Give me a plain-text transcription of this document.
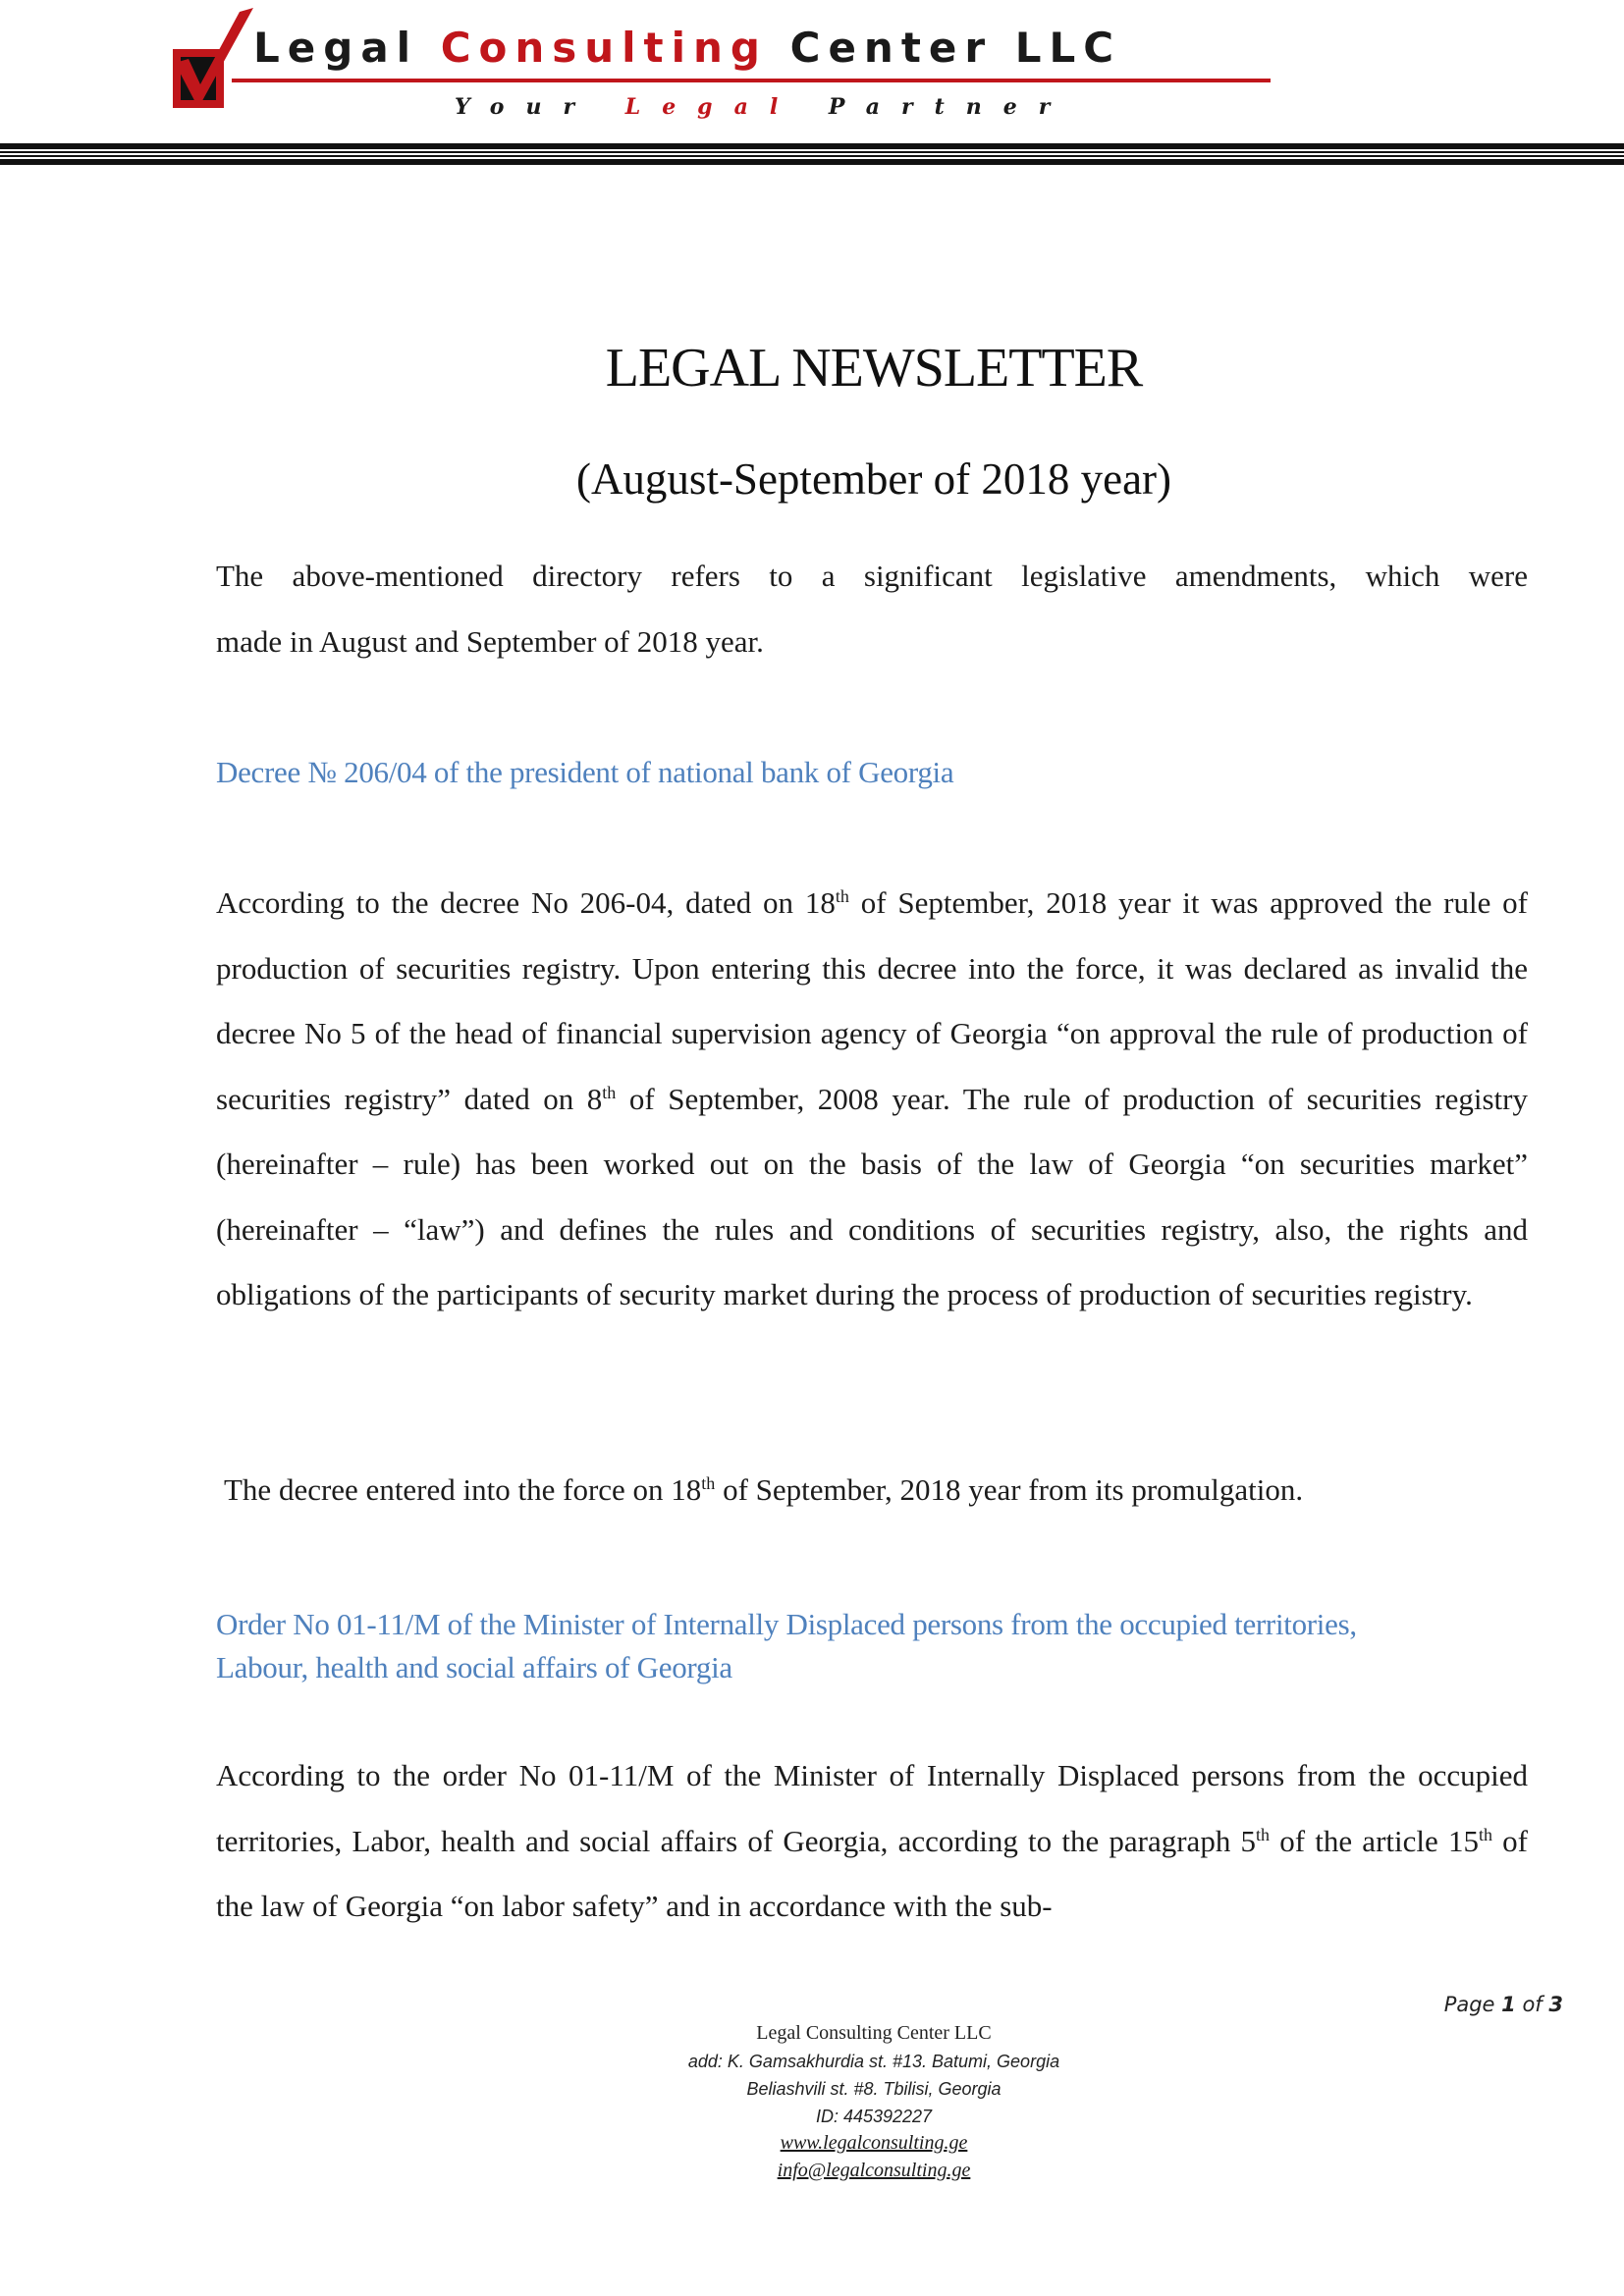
Legal Consulting Center LLC
Your Legal Partner
LEGAL NEWSLETTER
(August-September of 2018 year)

The above-mentioned directory refers to a significant legislative amendments, which were
made in August and September of 2018 year.

Decree № 206/04 of the president of national bank of Georgia

According to the decree No 206-04, dated on 18th of September, 2018 year it was approved the rule of production of securities registry. Upon entering this decree into the force, it was declared as invalid the decree No 5 of the head of financial supervision agency of Georgia “on approval the rule of production of securities registry” dated on 8th of September, 2008 year. The rule of production of securities registry (hereinafter – rule) has been worked out on the basis of the law of Georgia “on securities market” (hereinafter – “law”) and defines the rules and conditions of securities registry, also, the rights and obligations of the participants of security market during the process of production of securities registry.

The decree entered into the force on 18th of September, 2018 year from its promulgation.

Order No 01-11/M of the Minister of Internally Displaced persons from the occupied territories,
Labour, health and social affairs of Georgia

According to the order No 01-11/M of the Minister of Internally Displaced persons from the occupied territories, Labor, health and social affairs of Georgia, according to the paragraph 5th of the article 15th of the law of Georgia “on labor safety” and in accordance with the sub-

Page 1 of 3
Legal Consulting Center LLC
add: K. Gamsakhurdia st. #13. Batumi, Georgia
Beliashvili st. #8. Tbilisi, Georgia
ID: 445392227
www.legalconsulting.ge
info@legalconsulting.ge
